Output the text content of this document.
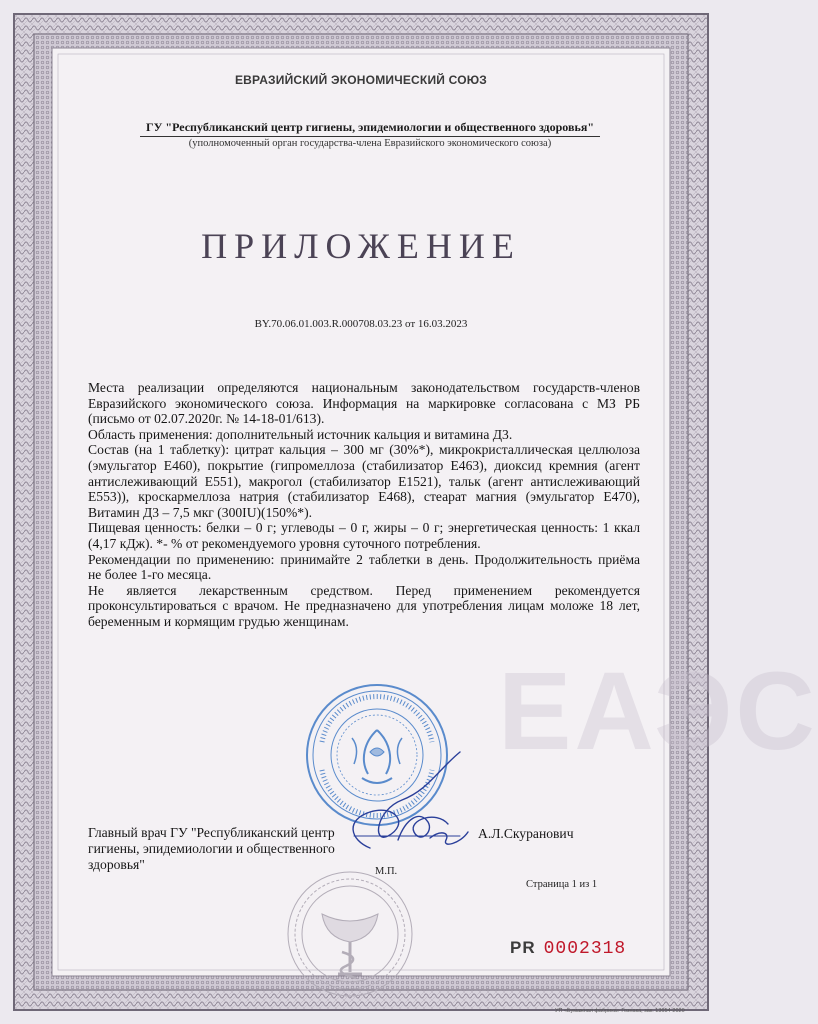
ЕВРАЗИЙСКИЙ ЭКОНОМИЧЕСКИЙ СОЮЗ
ГУ "Республиканский центр гигиены, эпидемиологии и общественного здоровья"
(уполномоченный орган государства-члена Евразийского экономического союза)
ПРИЛОЖЕНИЕ
BY.70.06.01.003.R.000708.03.23 от 16.03.2023
ЕАЭС

Места реализации определяются национальным законодательством государств-членов
Евразийского экономического союза. Информация на маркировке согласована с МЗ РБ
(письмо от 02.07.2020г. № 14-18-01/613).

Область применения: дополнительный источник кальция и витамина Д3.

Состав (на 1 таблетку): цитрат кальция – 300 мг (30%*), микрокристаллическая целлюлоза
(эмульгатор Е460), покрытие (гипромеллоза (стабилизатор Е463), диоксид кремния (агент
антислеживающий Е551), макрогол (стабилизатор Е1521), тальк (агент антислеживающий
Е553)), кроскармеллоза натрия (стабилизатор Е468), стеарат магния (эмульгатор Е470),
Витамин Д3 – 7,5 мкг (300IU)(150%*).

Пищевая ценность: белки – 0 г; углеводы – 0 г, жиры – 0 г; энергетическая ценность: 1 ккал
(4,17 кДж). *- % от рекомендуемого уровня суточного потребления.

Рекомендации по применению: принимайте 2 таблетки в день. Продолжительность приёма
не более 1-го месяца.

Не является лекарственным средством. Перед применением рекомендуется
проконсультироваться с врачом. Не предназначено для употребления лицам моложе 18 лет,
беременным и кормящим грудью женщинам.

Главный врач ГУ "Республиканский центр
гигиены, эпидемиологии и общественного
здоровья"
А.Л.Скуранович
М.П.
Страница 1 из 1
PR 0002318
УП «Бумажная фабрика» Гознака, зак. 13654-2020
